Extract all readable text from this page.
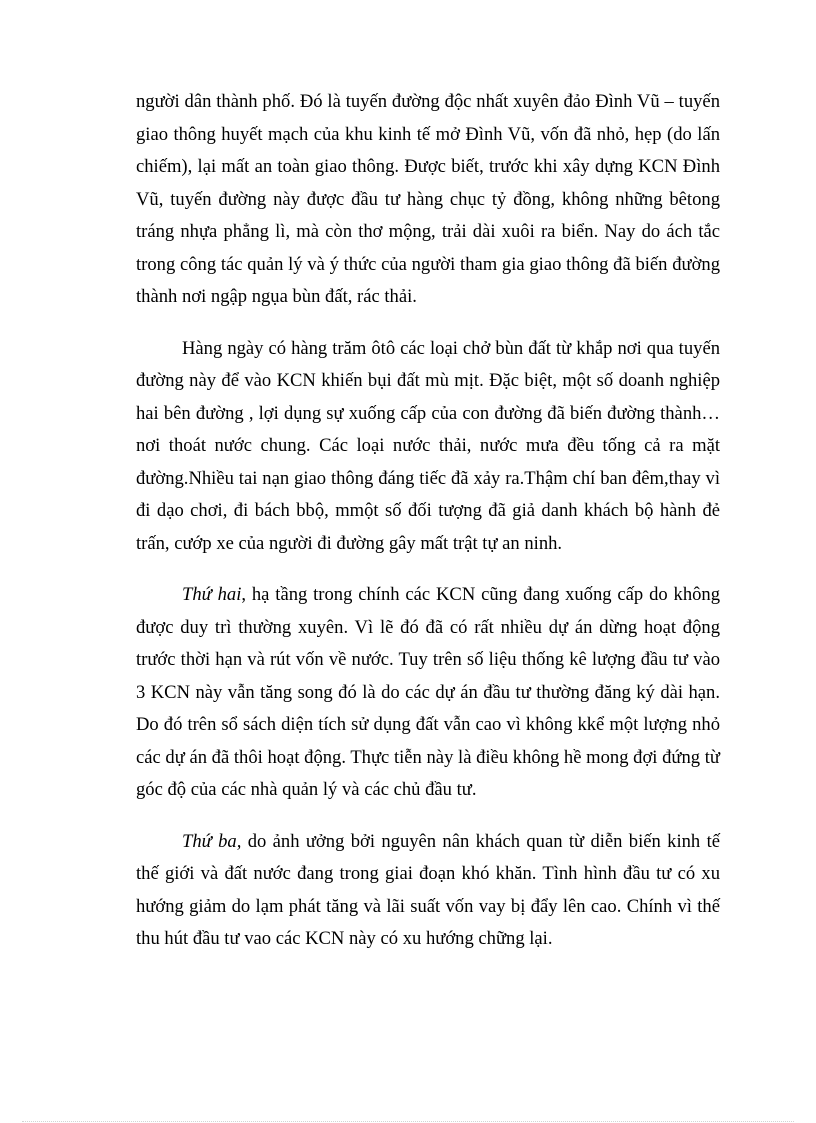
người dân thành phố. Đó là tuyến đường độc nhất xuyên đảo Đình Vũ – tuyến giao thông huyết mạch của khu kinh tế mở Đình Vũ, vốn đã nhỏ, hẹp (do lấn chiếm), lại mất an toàn giao thông. Được biết, trước khi xây dựng KCN Đình Vũ, tuyến đường này được đầu tư hàng chục tỷ đồng, không những bêtong tráng nhựa phẳng lì, mà còn thơ mộng, trải dài xuôi ra biển. Nay do ách tắc trong công tác quản lý và ý thức của người tham gia giao thông đã biến đường thành nơi ngập ngụa bùn đất, rác thải.

Hàng ngày có hàng trăm ôtô các loại chở bùn đất từ khắp nơi qua tuyến đường này để vào KCN khiến bụi đất mù mịt. Đặc biệt, một số doanh nghiệp hai bên đường , lợi dụng sự xuống cấp của con đường đã biến đường thành… nơi thoát nước chung. Các loại nước thải, nước mưa đều tống cả ra mặt đường.Nhiều tai nạn giao thông đáng tiếc đã xảy ra.Thậm chí ban đêm,thay vì đi dạo chơi, đi bách bbộ, mmột số đối tượng đã giả danh khách bộ hành đẻ trấn, cướp xe của người đi đường gây mất trật tự an ninh.

Thứ hai, hạ tầng trong chính các KCN cũng đang xuống cấp do không được duy trì thường xuyên. Vì lẽ đó đã có rất nhiều dự án dừng hoạt động trước thời hạn và rút vốn về nước. Tuy trên số liệu thống kê lượng đầu tư vào 3 KCN này vẫn tăng song đó là do các dự án đầu tư thường đăng ký dài hạn. Do đó trên sổ sách diện tích sử dụng đất vẫn cao vì không kkể một lượng nhỏ các dự án đã thôi hoạt động. Thực tiễn này là điều không hề mong đợi đứng từ góc độ của các nhà quản lý và các chủ đầu tư.

Thứ ba, do ảnh ưởng bởi nguyên nân khách quan từ diễn biến kinh tế thế giới và đất nước đang trong giai đoạn khó khăn. Tình hình đầu tư có xu hướng giảm do lạm phát tăng và lãi suất vốn vay bị đẩy lên cao. Chính vì thế thu hút đầu tư vao các KCN này có xu hướng chững lại.
